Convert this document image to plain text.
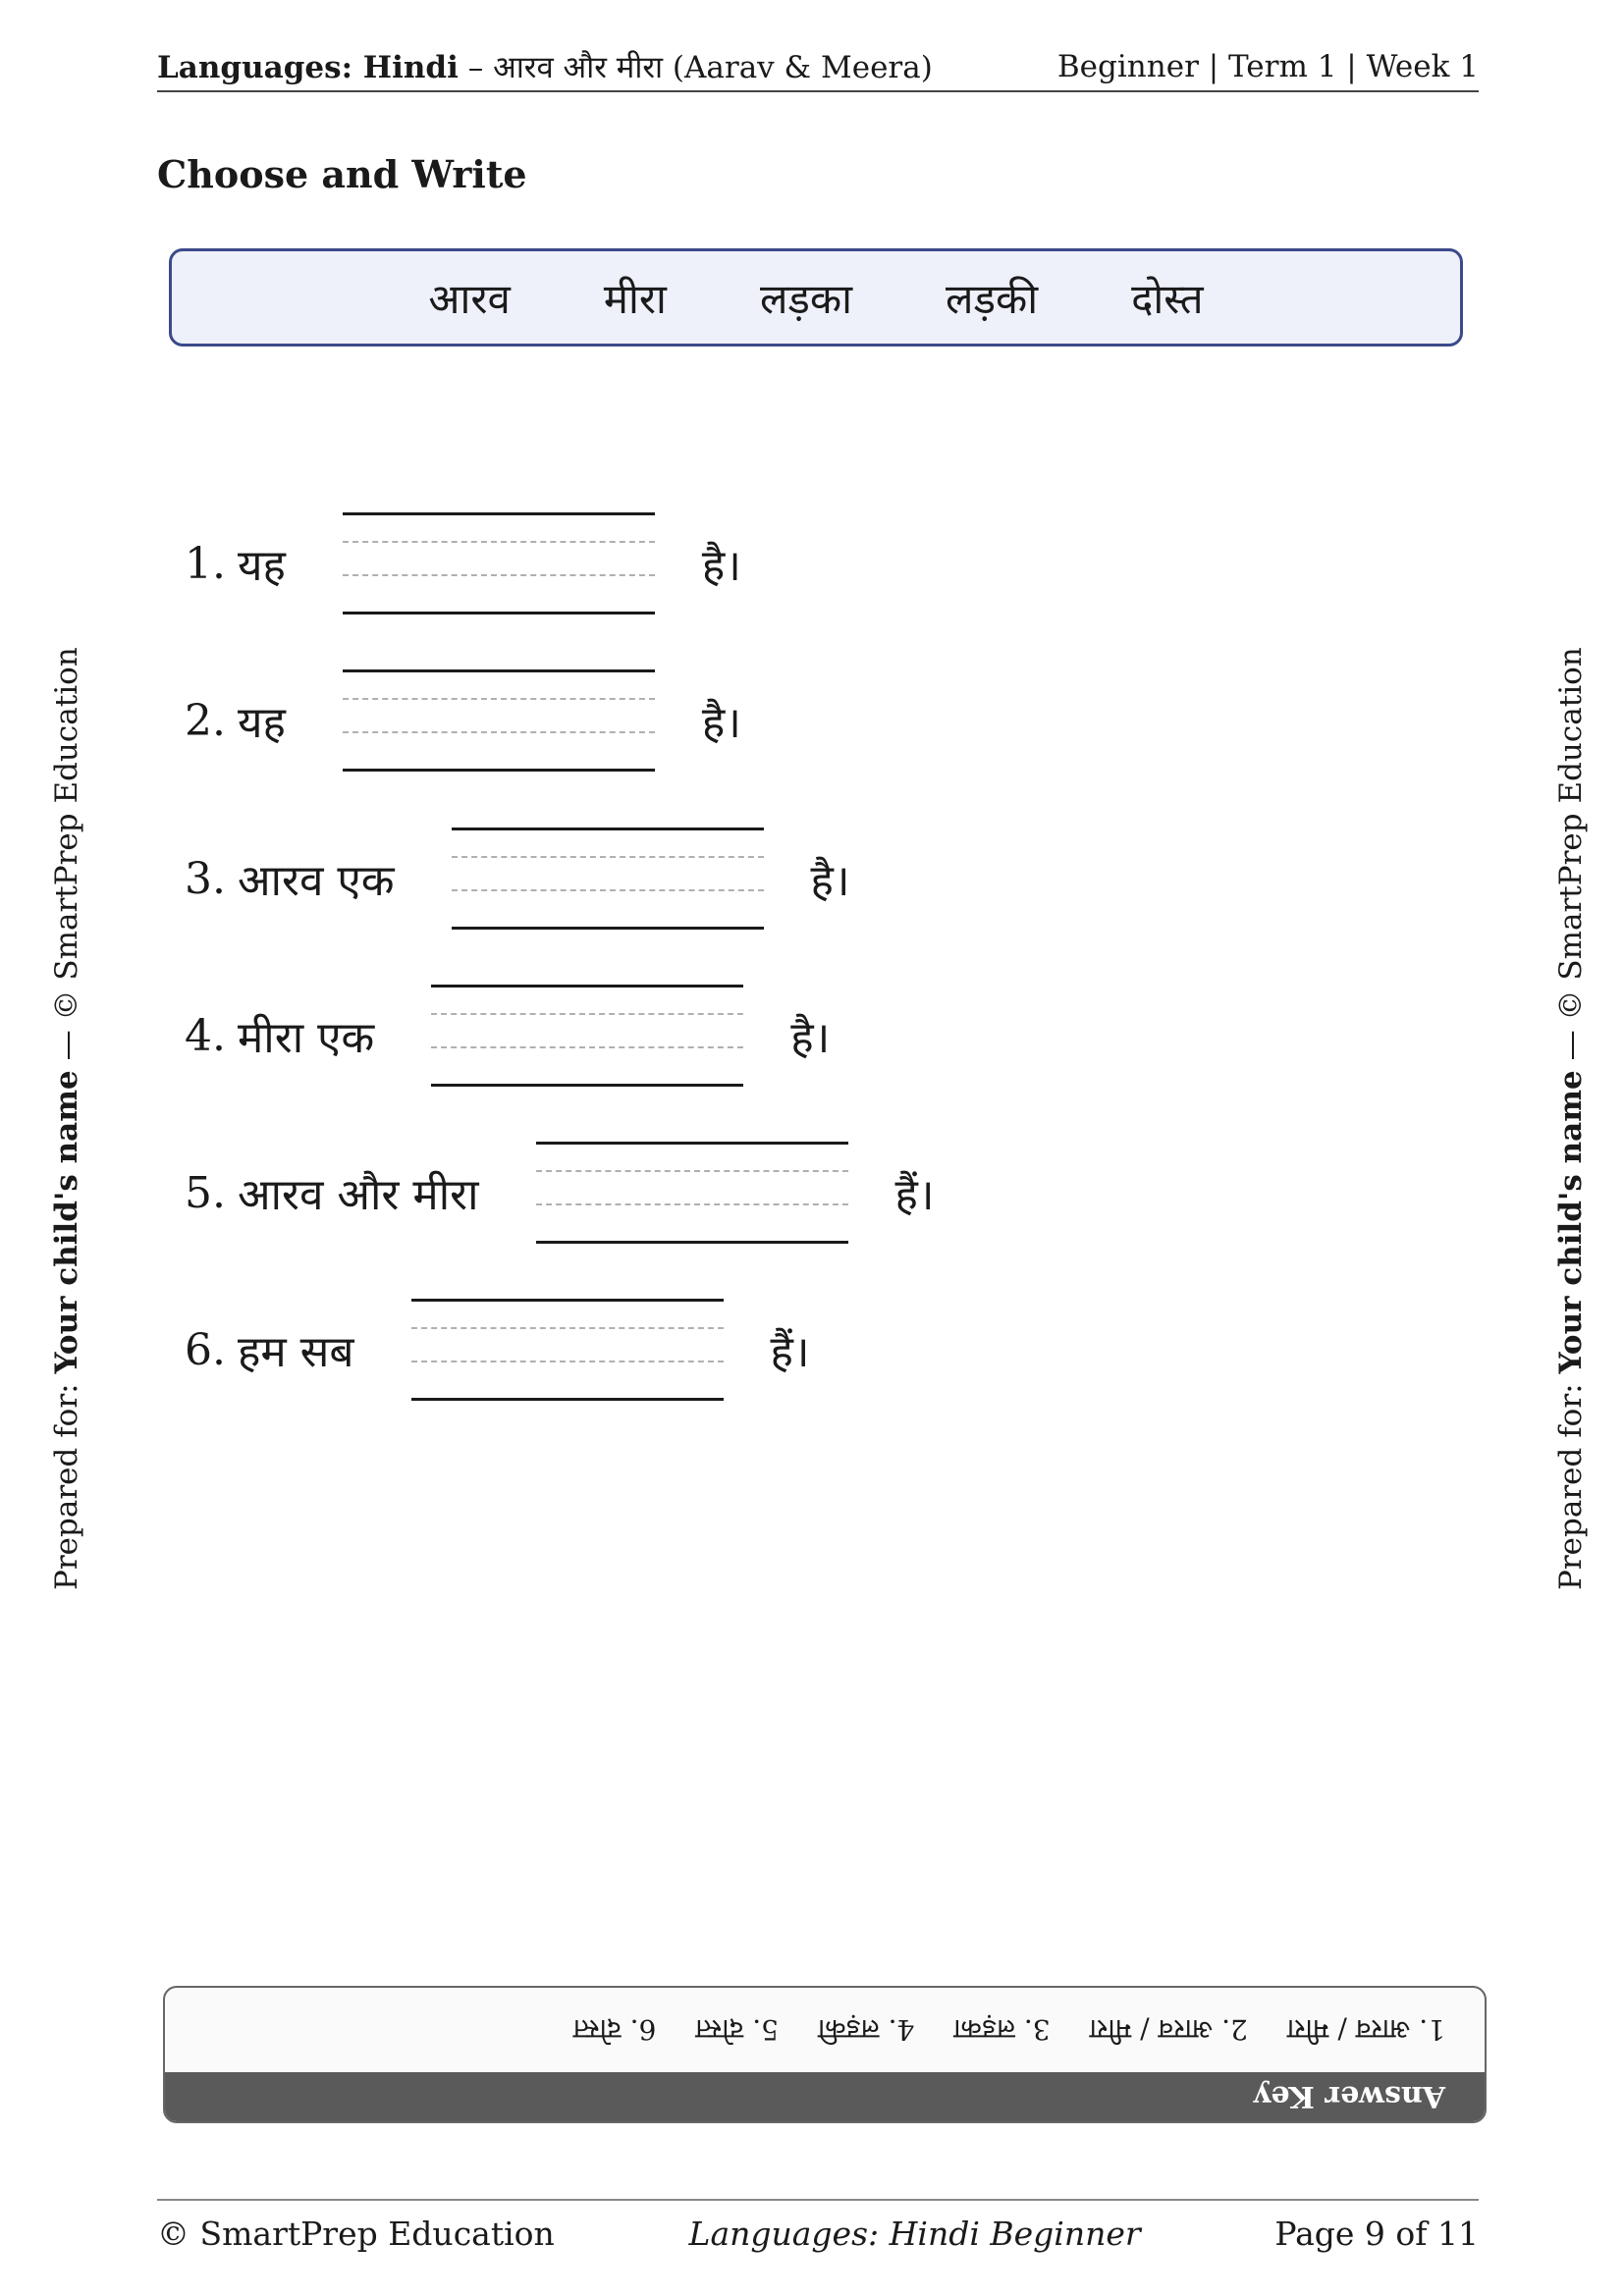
Languages: Hindi – आरव और मीरा (Aarav & Meera)	Beginner | Term 1 | Week 1
Choose and Write
आरव मीरा लड़का लड़की दोस्त
1. यह	है।
2. यह	है।
3. आरव एक	है।
4. मीरा एक	है।
5. आरव और मीरा	हैं।
6. हम सब	हैं।
Prepared for: Your child's name — © SmartPrep Education
Prepared for: Your child's name — © SmartPrep Education
Answer Key
1. आरव / मीरा
2. आरव / मीरा
3. लड़का
4. लड़की
5. दोस्त
6. दोस्त
© SmartPrep Education	Languages: Hindi Beginner	Page 9 of 11
